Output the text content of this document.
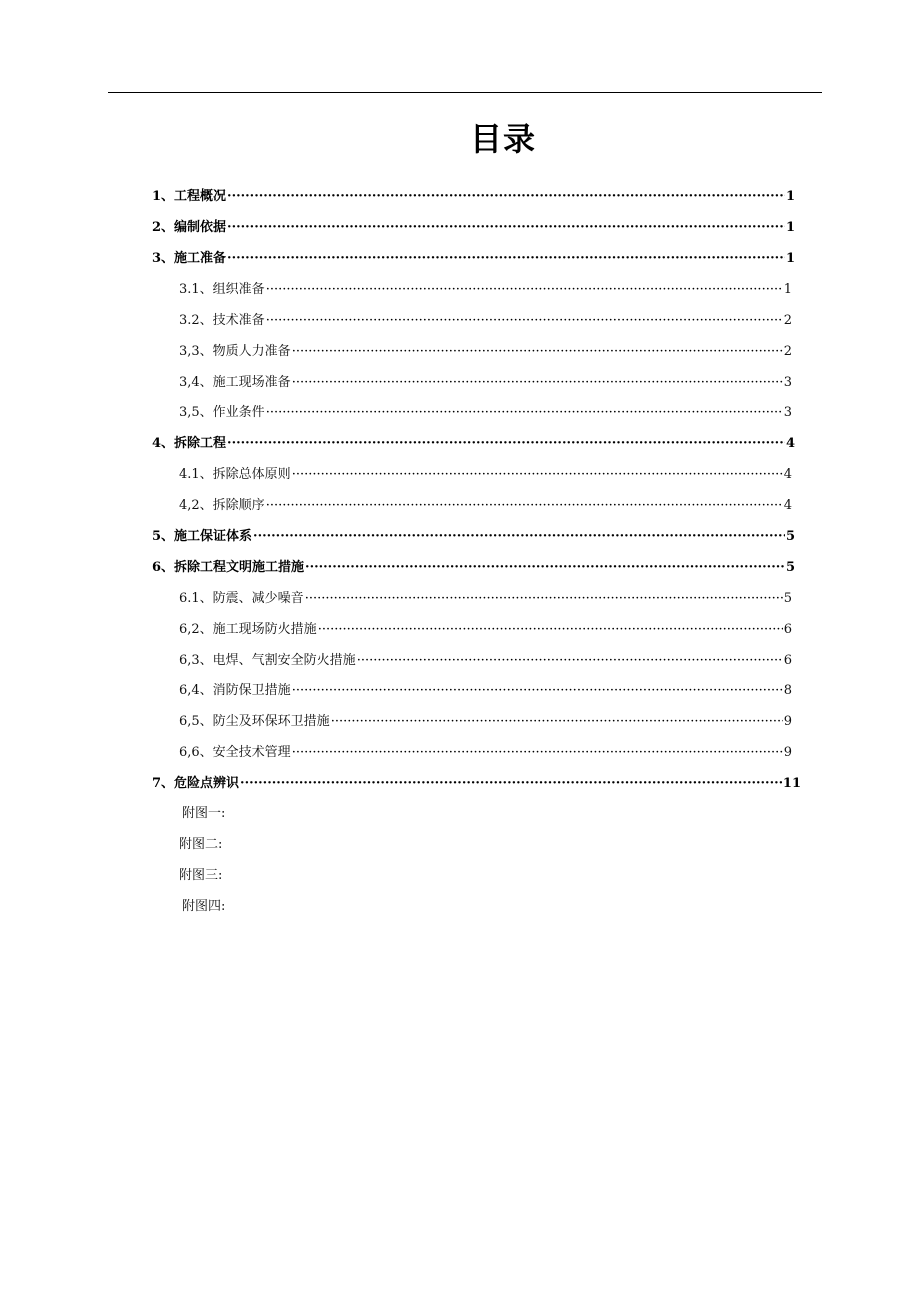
目录
1、工程概况 ·····	1
2、编制依据 ·····	1
3、施工准备 ·····	1
3.1、组织准备 ·····	1
3.2、技术准备 ·····	2
3,3、物质人力准备 ·····	2
3,4、施工现场准备 ·····	3
3,5、作业条件 ·····	3
4、拆除工程 ·····	4
4.1、拆除总体原则 ·····	4
4,2、拆除顺序 ·····	4
5、施工保证体系 ·····	5
6、拆除工程文明施工措施 ·····	5
6.1、防震、减少噪音 ·····	5
6,2、施工现场防火措施 ·····	6
6,3、电焊、气割安全防火措施 ·····	6
6,4、消防保卫措施 ·····	8
6,5、防尘及环保环卫措施 ·····	9
6,6、安全技术管理 ·····	9
7、危险点辨识 ·····	11
附图一:
附图二:
附图三:
附图四:
